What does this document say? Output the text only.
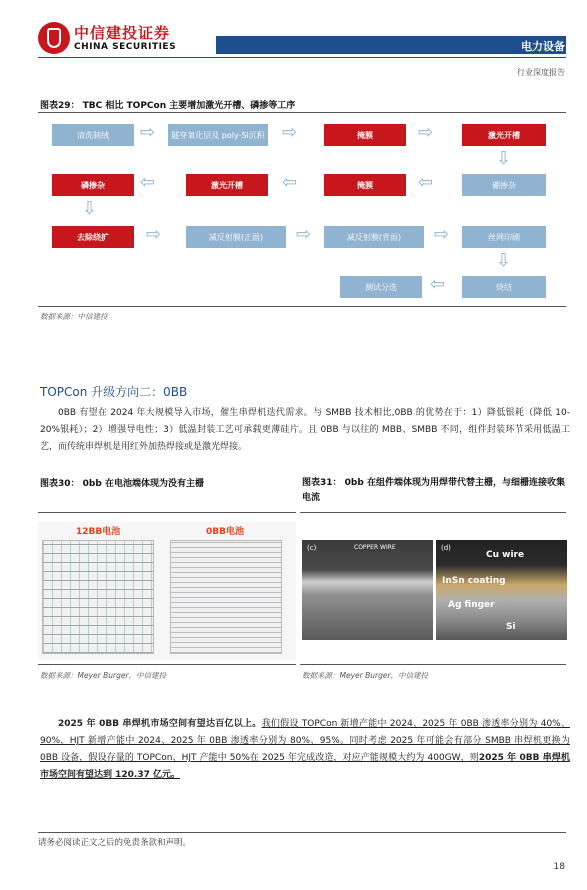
中信建投证券
CHINA SECURITIES	电力设备
行业深度报告
图表29： TBC 相比 TOPCon 主要增加激光开槽、磷掺等工序
清洗制绒	⇨	隧穿氧化层及 poly-Si沉积 ⇨	掩膜	⇨	激光开槽
⇩
磷掺杂	⇦	激光开槽	⇦	掩膜	⇦	硼掺杂
⇩
去除绕扩	⇨	减反射膜(正面)	⇨	减反射膜(背面)	⇨	丝网印刷
⇩
测试分选	⇦	烧结
数据来源：中信建投
TOPCon 升级方向二：0BB
0BB 有望在 2024 年大规模导入市场，催生串焊机迭代需求。与 SMBB 技术相比,0BB 的优势在于：1）降低银耗（降低 10-20%银耗）；2）增强导电性；3）低温封装工艺可承载更薄硅片。且 0BB 与以往的 MBB、SMBB 不同，组件封装环节采用低温工艺，而传统串焊机是用红外加热焊接或是激光焊接。
图表30： 0bb 在电池端体现为没有主栅	图表31： 0bb 在组件端体现为用焊带代替主栅，与细栅连接收集电流
12BB电池	0BB电池
(c)	COPPER WIRE	(d)
Cu wire
InSn coating
Ag finger
Si
数据来源：Meyer Burger，中信建投	数据来源：Meyer Burger，中信建投
2025 年 0BB 串焊机市场空间有望达百亿以上。我们假设 TOPCon 新增产能中 2024、2025 年 0BB 渗透率分别为 40%、90%，HJT 新增产能中 2024、2025 年 0BB 渗透率分别为 80%、95%。同时考虑 2025 年可能会有部分 SMBB 串焊机更换为 0BB 设备，假设存量的 TOPCon、HJT 产能中 50%在 2025 年完成改造，对应产能规模大约为 400GW，则2025 年 0BB 串焊机市场空间有望达到 120.37 亿元。
请务必阅读正文之后的免责条款和声明。
18
